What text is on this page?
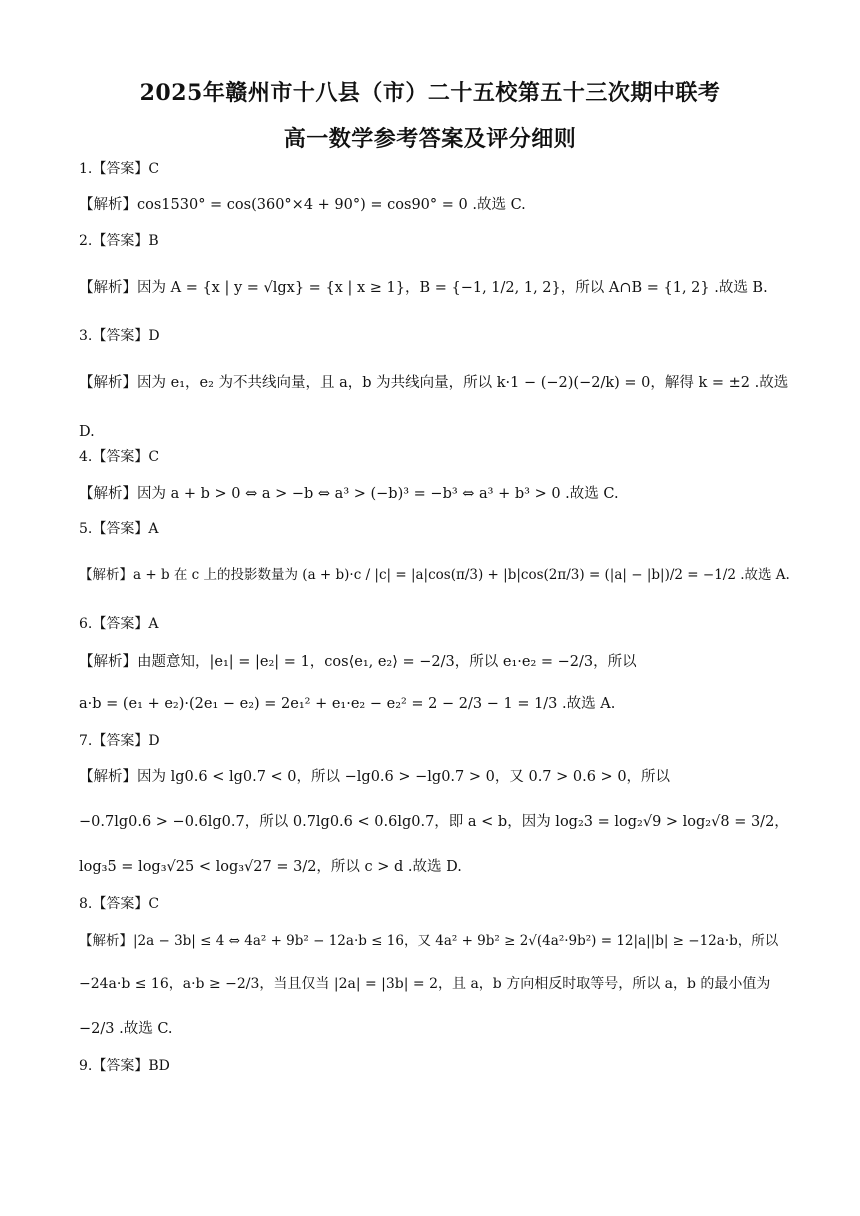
2025年赣州市十八县（市）二十五校第五十三次期中联考
高一数学参考答案及评分细则
1.【答案】C
【解析】cos1530° = cos(360°×4 + 90°) = cos90° = 0 .故选 C.
2.【答案】B
【解析】因为 A = {x | y = √lgx} = {x | x ≥ 1}，B = {−1, 1/2, 1, 2}，所以 A∩B = {1, 2} .故选 B.
3.【答案】D
【解析】因为 e₁，e₂ 为不共线向量，且 a，b 为共线向量，所以 k·1 − (−2)(−2/k) = 0，解得 k = ±2 .故选
D.
4.【答案】C
【解析】因为 a + b > 0 ⇔ a > −b ⇔ a³ > (−b)³ = −b³ ⇔ a³ + b³ > 0 .故选 C.
5.【答案】A
【解析】a + b 在 c 上的投影数量为 (a + b)·c / |c| = |a|cos(π/3) + |b|cos(2π/3) = (|a| − |b|)/2 = −1/2 .故选 A.
6.【答案】A
【解析】由题意知，|e₁| = |e₂| = 1，cos⟨e₁, e₂⟩ = −2/3，所以 e₁·e₂ = −2/3，所以
a·b = (e₁ + e₂)·(2e₁ − e₂) = 2e₁² + e₁·e₂ − e₂² = 2 − 2/3 − 1 = 1/3 .故选 A.
7.【答案】D
【解析】因为 lg0.6 < lg0.7 < 0，所以 −lg0.6 > −lg0.7 > 0，又 0.7 > 0.6 > 0，所以
−0.7lg0.6 > −0.6lg0.7，所以 0.7lg0.6 < 0.6lg0.7，即 a < b，因为 log₂3 = log₂√9 > log₂√8 = 3/2，
log₃5 = log₃√25 < log₃√27 = 3/2，所以 c > d .故选 D.
8.【答案】C
【解析】|2a − 3b| ≤ 4 ⇔ 4a² + 9b² − 12a·b ≤ 16，又 4a² + 9b² ≥ 2√(4a²·9b²) = 12|a||b| ≥ −12a·b，所以
−24a·b ≤ 16，a·b ≥ −2/3，当且仅当 |2a| = |3b| = 2，且 a，b 方向相反时取等号，所以 a，b 的最小值为
−2/3 .故选 C.
9.【答案】BD
